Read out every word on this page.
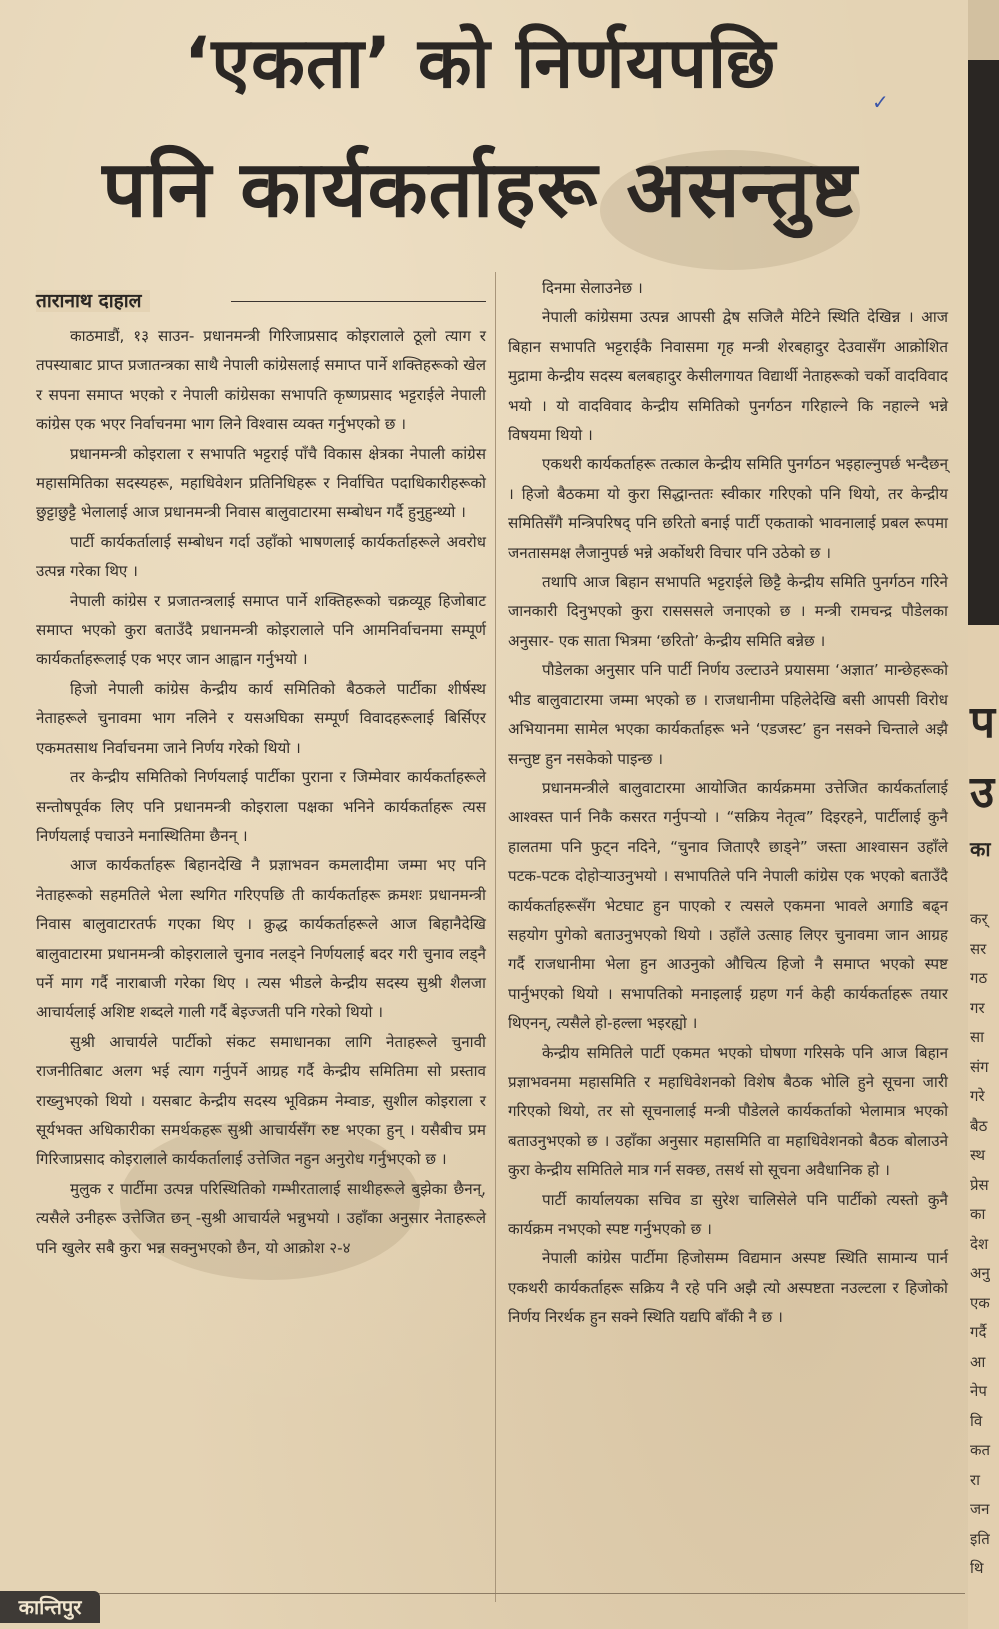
‘एकता’ को निर्णयपछि
पनि कार्यकर्ताहरू असन्तुष्ट
✓
तारानाथ दाहाल

काठमाडौं, १३ साउन- प्रधानमन्त्री गिरिजाप्रसाद कोइरालाले ठूलो त्याग र तपस्याबाट प्राप्त प्रजातन्त्रका साथै नेपाली कांग्रेसलाई समाप्त पार्ने शक्तिहरूको खेल र सपना समाप्त भएको र नेपाली कांग्रेसका सभापति कृष्णप्रसाद भट्टराईले नेपाली कांग्रेस एक भएर निर्वाचनमा भाग लिने विश्वास व्यक्त गर्नुभएको छ ।

प्रधानमन्त्री कोइराला र सभापति भट्टराई पाँचै विकास क्षेत्रका नेपाली कांग्रेस महासमितिका सदस्यहरू, महाधिवेशन प्रतिनिधिहरू र निर्वाचित पदाधिकारीहरूको छुट्टाछुट्टै भेलालाई आज प्रधानमन्त्री निवास बालुवाटारमा सम्बोधन गर्दै हुनुहुन्थ्यो ।

पार्टी कार्यकर्तालाई सम्बोधन गर्दा उहाँको भाषणलाई कार्यकर्ताहरूले अवरोध उत्पन्न गरेका थिए ।

नेपाली कांग्रेस र प्रजातन्त्रलाई समाप्त पार्ने शक्तिहरूको चक्रव्यूह हिजोबाट समाप्त भएको कुरा बताउँदै प्रधानमन्त्री कोइरालाले पनि आमनिर्वाचनमा सम्पूर्ण कार्यकर्ताहरूलाई एक भएर जान आह्वान गर्नुभयो ।

हिजो नेपाली कांग्रेस केन्द्रीय कार्य समितिको बैठकले पार्टीका शीर्षस्थ नेताहरूले चुनावमा भाग नलिने र यसअघिका सम्पूर्ण विवादहरूलाई बिर्सिएर एकमतसाथ निर्वाचनमा जाने निर्णय गरेको थियो ।

तर केन्द्रीय समितिको निर्णयलाई पार्टीका पुराना र जिम्मेवार कार्यकर्ताहरूले सन्तोषपूर्वक लिए पनि प्रधानमन्त्री कोइराला पक्षका भनिने कार्यकर्ताहरू त्यस निर्णयलाई पचाउने मनास्थितिमा छैनन् ।

आज कार्यकर्ताहरू बिहानदेखि नै प्रज्ञाभवन कमलादीमा जम्मा भए पनि नेताहरूको सहमतिले भेला स्थगित गरिएपछि ती कार्यकर्ताहरू क्रमशः प्रधानमन्त्री निवास बालुवाटारतर्फ गएका थिए । क्रुद्ध कार्यकर्ताहरूले आज बिहानैदेखि बालुवाटारमा प्रधानमन्त्री कोइरालाले चुनाव नलड्ने निर्णयलाई बदर गरी चुनाव लड्नै पर्ने माग गर्दै नाराबाजी गरेका थिए । त्यस भीडले केन्द्रीय सदस्य सुश्री शैलजा आचार्यलाई अशिष्ट शब्दले गाली गर्दै बेइज्जती पनि गरेको थियो ।

सुश्री आचार्यले पार्टीको संकट समाधानका लागि नेताहरूले चुनावी राजनीतिबाट अलग भई त्याग गर्नुपर्ने आग्रह गर्दै केन्द्रीय समितिमा सो प्रस्ताव राख्नुभएको थियो । यसबाट केन्द्रीय सदस्य भूविक्रम नेम्वाङ, सुशील कोइराला र सूर्यभक्त अधिकारीका समर्थकहरू सुश्री आचार्यसँग रुष्ट भएका हुन् । यसैबीच प्रम गिरिजाप्रसाद कोइरालाले कार्यकर्तालाई उत्तेजित नहुन अनुरोध गर्नुभएको छ ।

मुलुक र पार्टीमा उत्पन्न परिस्थितिको गम्भीरतालाई साथीहरूले बुझेका छैनन्, त्यसैले उनीहरू उत्तेजित छन् -सुश्री आचार्यले भन्नुभयो । उहाँका अनुसार नेताहरूले पनि खुलेर सबै कुरा भन्न सक्नुभएको छैन, यो आक्रोश २-४

दिनमा सेलाउनेछ ।

नेपाली कांग्रेसमा उत्पन्न आपसी द्वेष सजिलै मेटिने स्थिति देखिन्न । आज बिहान सभापति भट्टराईकै निवासमा गृह मन्त्री शेरबहादुर देउवासँग आक्रोशित मुद्रामा केन्द्रीय सदस्य बलबहादुर केसीलगायत विद्यार्थी नेताहरूको चर्को वादविवाद भयो । यो वादविवाद केन्द्रीय समितिको पुनर्गठन गरिहाल्ने कि नहाल्ने भन्ने विषयमा थियो ।

एकथरी कार्यकर्ताहरू तत्काल केन्द्रीय समिति पुनर्गठन भइहाल्नुपर्छ भन्दैछन् । हिजो बैठकमा यो कुरा सिद्धान्ततः स्वीकार गरिएको पनि थियो, तर केन्द्रीय समितिसँगै मन्त्रिपरिषद् पनि छरितो बनाई पार्टी एकताको भावनालाई प्रबल रूपमा जनतासमक्ष लैजानुपर्छ भन्ने अर्कोथरी विचार पनि उठेको छ ।

तथापि आज बिहान सभापति भट्टराईले छिट्टै केन्द्रीय समिति पुनर्गठन गरिने जानकारी दिनुभएको कुरा रासससले जनाएको छ । मन्त्री रामचन्द्र पौडेलका अनुसार- एक साता भित्रमा ‘छरितो’ केन्द्रीय समिति बन्नेछ ।

पौडेलका अनुसार पनि पार्टी निर्णय उल्टाउने प्रयासमा ‘अज्ञात’ मान्छेहरूको भीड बालुवाटारमा जम्मा भएको छ । राजधानीमा पहिलेदेखि बसी आपसी विरोध अभियानमा सामेल भएका कार्यकर्ताहरू भने ‘एडजस्ट’ हुन नसक्ने चिन्ताले अझै सन्तुष्ट हुन नसकेको पाइन्छ ।

प्रधानमन्त्रीले बालुवाटारमा आयोजित कार्यक्रममा उत्तेजित कार्यकर्तालाई आश्वस्त पार्न निकै कसरत गर्नुपर्‍यो । “सक्रिय नेतृत्व” दिइरहने, पार्टीलाई कुनै हालतमा पनि फुट्न नदिने, “चुनाव जिताएरै छाड्ने” जस्ता आश्वासन उहाँले पटक-पटक दोहोर्‍याउनुभयो । सभापतिले पनि नेपाली कांग्रेस एक भएको बताउँदै कार्यकर्ताहरूसँग भेटघाट हुन पाएको र त्यसले एकमना भावले अगाडि बढ्न सहयोग पुगेको बताउनुभएको थियो । उहाँले उत्साह लिएर चुनावमा जान आग्रह गर्दै राजधानीमा भेला हुन आउनुको औचित्य हिजो नै समाप्त भएको स्पष्ट पार्नुभएको थियो । सभापतिको मनाइलाई ग्रहण गर्न केही कार्यकर्ताहरू तयार थिएनन्, त्यसैले हो-हल्ला भइरह्यो ।

केन्द्रीय समितिले पार्टी एकमत भएको घोषणा गरिसके पनि आज बिहान प्रज्ञाभवनमा महासमिति र महाधिवेशनको विशेष बैठक भोलि हुने सूचना जारी गरिएको थियो, तर सो सूचनालाई मन्त्री पौडेलले कार्यकर्ताको भेलामात्र भएको बताउनुभएको छ । उहाँका अनुसार महासमिति वा महाधिवेशनको बैठक बोलाउने कुरा केन्द्रीय समितिले मात्र गर्न सक्छ, तसर्थ सो सूचना अवैधानिक हो ।

पार्टी कार्यालयका सचिव डा सुरेश चालिसेले पनि पार्टीको त्यस्तो कुनै कार्यक्रम नभएको स्पष्ट गर्नुभएको छ ।

नेपाली कांग्रेस पार्टीमा हिजोसम्म विद्यमान अस्पष्ट स्थिति सामान्य पार्न एकथरी कार्यकर्ताहरू सक्रिय नै रहे पनि अझै त्यो अस्पष्टता नउल्टला र हिजोको निर्णय निरर्थक हुन सक्ने स्थिति यद्यपि बाँकी नै छ ।

प
उ
का
कर्
सर
गठ
गर
सा
संग
गरे
बैठ
स्थ
प्रेस
का
देश
अनु
एक
गर्दै
आ
नेप
वि
कत
रा
जन
इति
थि
कान्तिपुर
